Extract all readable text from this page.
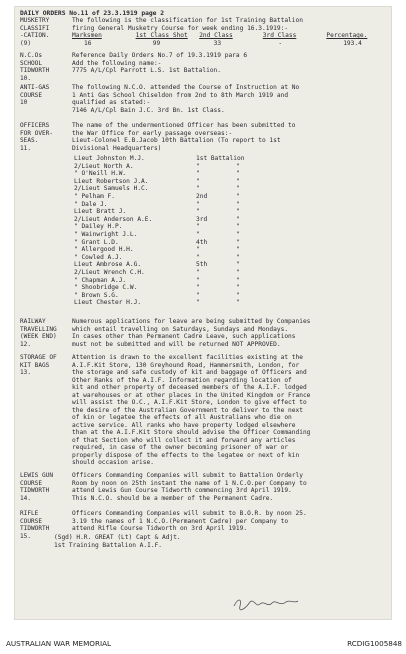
DAILY ORDERS No.11 of 23.3.1919 page 2
MUSKETRY
CLASSIFI
-CATION.
(9)
The following is the classification for 1st Training Battalion
firing General Musketry Course for week ending 16.3.1919:-
Marksmen	1st Class Shot	2nd Class	3rd Class	Percentage.
16	99	33	-	193.4
N.C.Os
SCHOOL
TIDWORTH
10.
Reference Daily Orders No.7 of 19.3.1919 para 6
Add the following name:-
7775 A/L/Cpl Parrott L.S. 1st Battalion.
ANTI-GAS
COURSE
10
The following N.C.O. attended the Course of Instruction at No
1 Anti Gas School Chiseldon from 2nd to 8th March 1919 and
qualified as stated:-
7146 A/L/Cpl Bain J.C. 3rd Bn. 1st Class.
OFFICERS
FOR OVER-
SEAS.
11.
The name of the undermentioned Officer has been submitted to
the War Office for early passage overseas:-
Lieut-Colonel E.B.Jacob 10th Battalion (To report to 1st
Divisional Headquarters)
Lieut Johnston M.J.	1st Battalion
2/Lieut North A.	"	"
" O'Neill H.W.	"	"
Lieut Robertson J.A.	"	"
2/Lieut Samuels H.C.	"	"
" Pelham F.	2nd	"
" Dale J.	"	"
Lieut Bratt J.	"	"
2/Lieut Anderson A.E.	3rd	"
" Dailey H.P.	"	"
" Wainwright J.L.	"	"
" Grant L.D.	4th	"
" Allergood H.H.	"	"
" Cowled A.J.	"	"
Lieut Ambrose A.G.	5th	"
2/Lieut Wrench C.H.	"	"
" Chapman A.J.	"	"
" Shoobridge C.W.	"	"
" Brown S.G.	"	"
Lieut Chester H.J.	"	"
RAILWAY
TRAVELLING
(WEEK END)
12.
Numerous applications for leave are being submitted by Companies
which entail travelling on Saturdays, Sundays and Mondays.
In cases other than Permanent Cadre Leave, such applications
must not be submitted and will be returned NOT APPROVED.
STORAGE OF
KIT BAGS
13.
Attention is drawn to the excellent facilities existing at the
A.I.F.Kit Store, 130 Greyhound Road, Hammersmith, London, for
the storage and safe custody of kit and baggage of Officers and
Other Ranks of the A.I.F. Information regarding location of
kit and other property of deceased members of the A.I.F. lodged
at warehouses or at other places in the United Kingdom or France
will assist the O.C., A.I.F.Kit Store, London to give effect to
the desire of the Australian Government to deliver to the next
of kin or legatee the effects of all Australians who die on
active service. All ranks who have property lodged elsewhere
than at the A.I.F.Kit Store should advise the Officer Commanding
of that Section who will collect it and forward any articles
required, in case of the owner becoming prisoner of war or
properly dispose of the effects to the legatee or next of kin
should occasion arise.
LEWIS GUN
COURSE
TIDWORTH
14.
Officers Commanding Companies will submit to Battalion Orderly
Room by noon on 25th instant the name of 1 N.C.O.per Company to
attend Lewis Gun Course Tidworth commencing 3rd April 1919.
This N.C.O. should be a member of the Permanent Cadre.
RIFLE
COURSE
TIDWORTH
15.
Officers Commanding Companies will submit to B.O.R. by noon 25.
3.19 the names of 1 N.C.O.(Permanent Cadre) per Company to
attend Rifle Course Tidworth on 3rd April 1919.
(Sgd) H.R. GREAT (Lt) Capt & Adjt.
1st Training Battalion A.I.F.
AUSTRALIAN WAR MEMORIAL	RCDIG1005848
